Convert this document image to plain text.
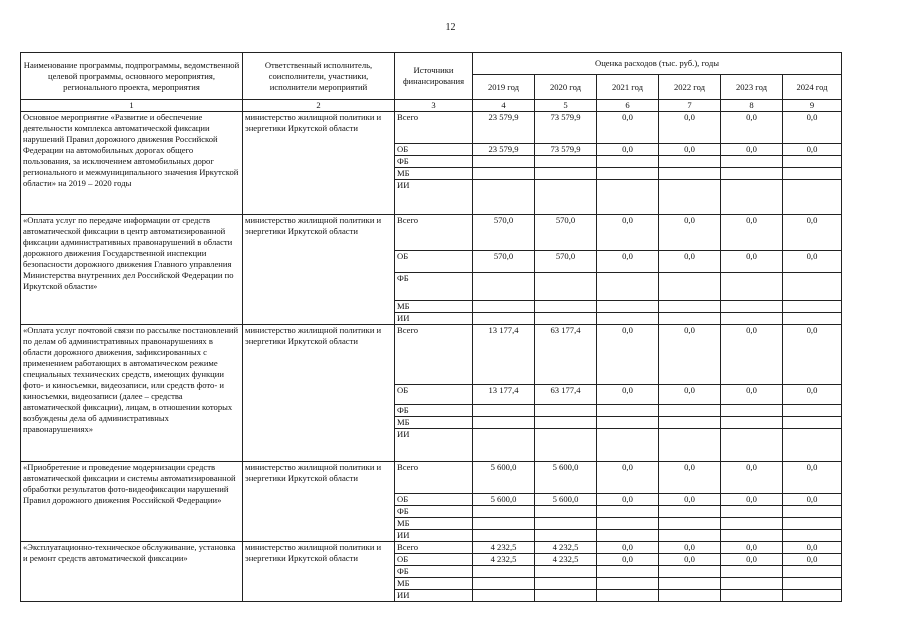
12
Наименование программы, подпрограммы, ведомственной целевой программы, основного мероприятия, регионального проекта, мероприятия	Ответственный исполнитель, соисполнители, участники, исполнители мероприятий	Источники финансирования	Оценка расходов (тыс. руб.), годы					
			2019 год	2020 год	2021 год	2022 год	2023 год	2024 год
1	2	3	4	5	6	7	8	9
Основное мероприятие «Развитие и обеспечение деятельности комплекса автоматической фиксации нарушений Правил дорожного движения Российской Федерации на автомобильных дорогах общего пользования, за исключением автомобильных дорог регионального и межмуниципального значения Иркутской области» на 2019 – 2020 годы	министерство жилищной политики и энергетики Иркутской области	Всего	23 579,9	73 579,9	0,0	0,0	0,0	0,0
		ОБ	23 579,9	73 579,9	0,0	0,0	0,0	0,0
		ФБ						
		МБ						
		ИИ						
«Оплата услуг по передаче информации от средств автоматической фиксации в центр автоматизированной фиксации административных правонарушений в области дорожного движения Государственной инспекции безопасности дорожного движения Главного управления Министерства внутренних дел Российской Федерации по Иркутской области»	министерство жилищной политики и энергетики Иркутской области	Всего	570,0	570,0	0,0	0,0	0,0	0,0
		ОБ	570,0	570,0	0,0	0,0	0,0	0,0
		ФБ						
		МБ						
		ИИ						
«Оплата услуг почтовой связи по рассылке постановлений по делам об административных правонарушениях в области дорожного движения, зафиксированных с применением работающих в автоматическом режиме специальных технических средств, имеющих функции фото- и киносъемки, видеозаписи, или средств фото- и киносъемки, видеозаписи (далее – средства автоматической фиксации), лицам, в отношении которых возбуждены дела об административных правонарушениях»	министерство жилищной политики и энергетики Иркутской области	Всего	13 177,4	63 177,4	0,0	0,0	0,0	0,0
		ОБ	13 177,4	63 177,4	0,0	0,0	0,0	0,0
		ФБ						
		МБ						
		ИИ						
«Приобретение и проведение модернизации средств автоматической фиксации и системы автоматизированной обработки результатов фото-видеофиксации нарушений Правил дорожного движения Российской Федерации»	министерство жилищной политики и энергетики Иркутской области	Всего	5 600,0	5 600,0	0,0	0,0	0,0	0,0
		ОБ	5 600,0	5 600,0	0,0	0,0	0,0	0,0
		ФБ						
		МБ						
		ИИ						
«Эксплуатационно-техническое обслуживание, установка и ремонт средств автоматической фиксации»	министерство жилищной политики и энергетики Иркутской области	Всего	4 232,5	4 232,5	0,0	0,0	0,0	0,0
		ОБ	4 232,5	4 232,5	0,0	0,0	0,0	0,0
		ФБ						
		МБ						
		ИИ						
